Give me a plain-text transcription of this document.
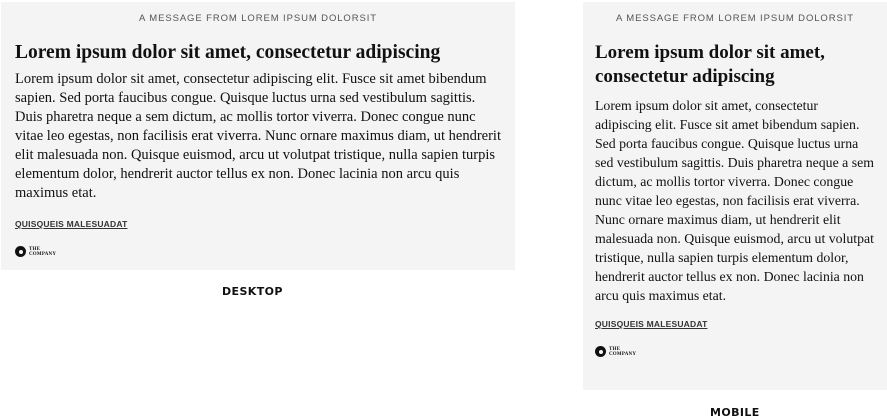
A MESSAGE FROM LOREM IPSUM DOLORSIT
Lorem ipsum dolor sit amet, consectetur adipiscing

Lorem ipsum dolor sit amet, consectetur adipiscing elit. Fusce sit amet bibendum sapien. Sed porta faucibus congue. Quisque luctus urna sed vestibulum sagittis. Duis pharetra neque a sem dictum, ac mollis tortor viverra. Donec congue nunc vitae leo egestas, non facilisis erat viverra. Nunc ornare maximus diam, ut hendrerit elit malesuada non. Quisque euismod, arcu ut volutpat tristique, nulla sapien turpis elementum dolor, hendrerit auctor tellus ex non. Donec lacinia non arcu quis maximus etat.

QUISQUEIS MALESUADAT
THE
COMPANY
DESKTOP
A MESSAGE FROM LOREM IPSUM DOLORSIT
Lorem ipsum dolor sit amet, consectetur adipiscing

Lorem ipsum dolor sit amet, consectetur adipiscing elit. Fusce sit amet bibendum sapien. Sed porta faucibus congue. Quisque luctus urna sed vestibulum sagittis. Duis pharetra neque a sem dictum, ac mollis tortor viverra. Donec congue nunc vitae leo egestas, non facilisis erat viverra. Nunc ornare maximus diam, ut hendrerit elit malesuada non. Quisque euismod, arcu ut volutpat tristique, nulla sapien turpis elementum dolor, hendrerit auctor tellus ex non. Donec lacinia non arcu quis maximus etat.

QUISQUEIS MALESUADAT
THE
COMPANY
MOBILE
